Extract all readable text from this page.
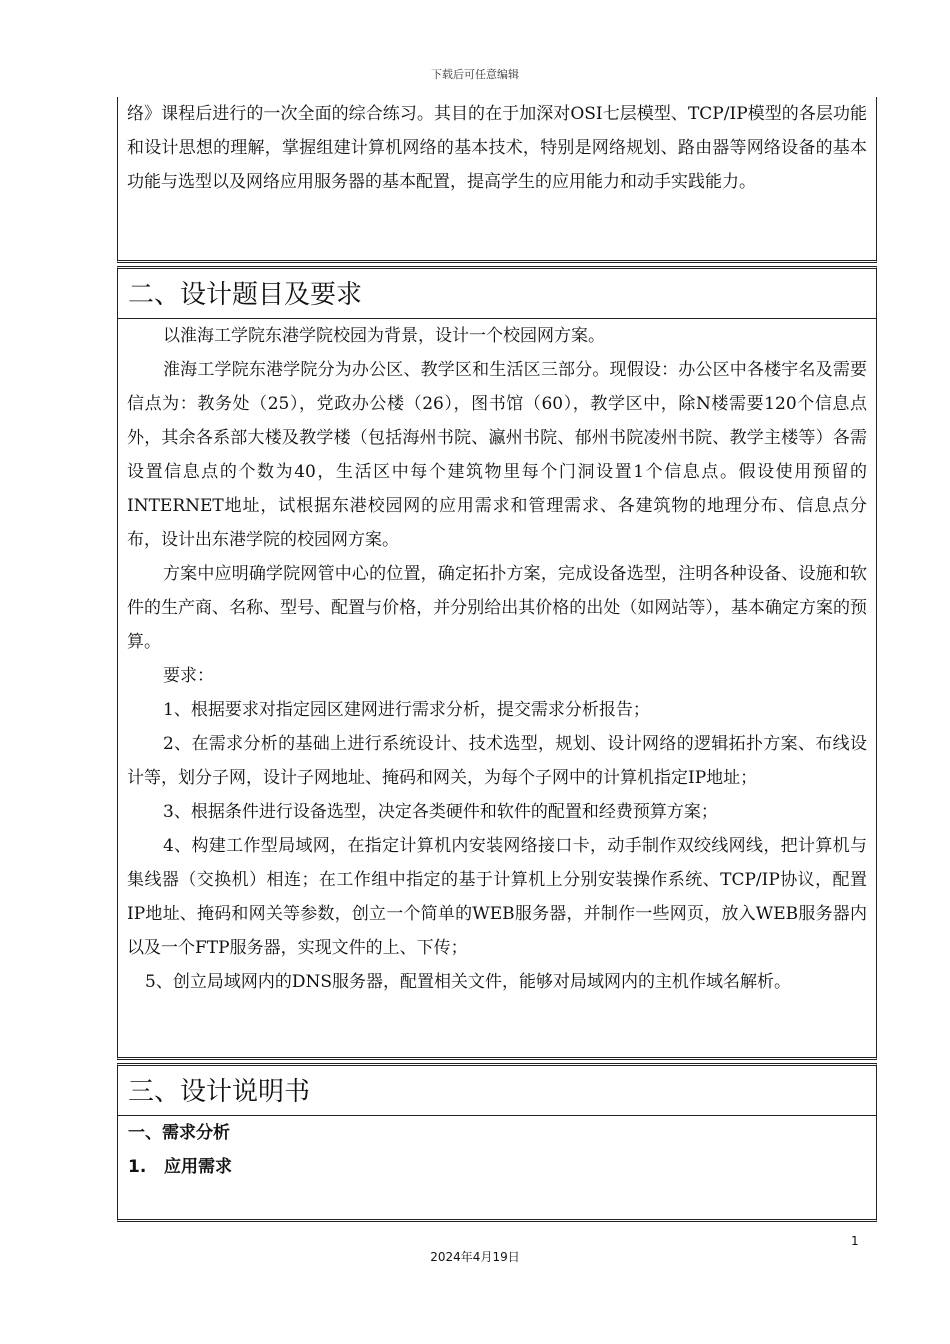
下载后可任意编辑

络》课程后进行的一次全面的综合练习。其目的在于加深对OSI七层模型、TCP/IP模型的各层功能和设计思想的理解，掌握组建计算机网络的基本技术，特别是网络规划、路由器等网络设备的基本功能与选型以及网络应用服务器的基本配置，提高学生的应用能力和动手实践能力。

二、设计题目及要求

以淮海工学院东港学院校园为背景，设计一个校园网方案。

淮海工学院东港学院分为办公区、教学区和生活区三部分。现假设：办公区中各楼宇名及需要信点为：教务处（25），党政办公楼（26），图书馆（60），教学区中，除N楼需要120个信息点外，其余各系部大楼及教学楼（包括海州书院、瀛州书院、郁州书院凌州书院、教学主楼等）各需设置信息点的个数为40，生活区中每个建筑物里每个门洞设置1个信息点。假设使用预留的INTERNET地址，试根据东港校园网的应用需求和管理需求、各建筑物的地理分布、信息点分布，设计出东港学院的校园网方案。

方案中应明确学院网管中心的位置，确定拓扑方案，完成设备选型，注明各种设备、设施和软件的生产商、名称、型号、配置与价格，并分别给出其价格的出处（如网站等），基本确定方案的预算。

要求：

1、根据要求对指定园区建网进行需求分析，提交需求分析报告；

2、在需求分析的基础上进行系统设计、技术选型，规划、设计网络的逻辑拓扑方案、布线设计等，划分子网，设计子网地址、掩码和网关，为每个子网中的计算机指定IP地址；

3、根据条件进行设备选型，决定各类硬件和软件的配置和经费预算方案；

4、构建工作型局域网，在指定计算机内安装网络接口卡，动手制作双绞线网线，把计算机与集线器（交换机）相连；在工作组中指定的基于计算机上分别安装操作系统、TCP/IP协议，配置IP地址、掩码和网关等参数，创立一个简单的WEB服务器，并制作一些网页，放入WEB服务器内以及一个FTP服务器，实现文件的上、下传；

5、创立局域网内的DNS服务器，配置相关文件，能够对局域网内的主机作域名解析。

三、设计说明书
一、需求分析
1.   应用需求
1
2024年4月19日
